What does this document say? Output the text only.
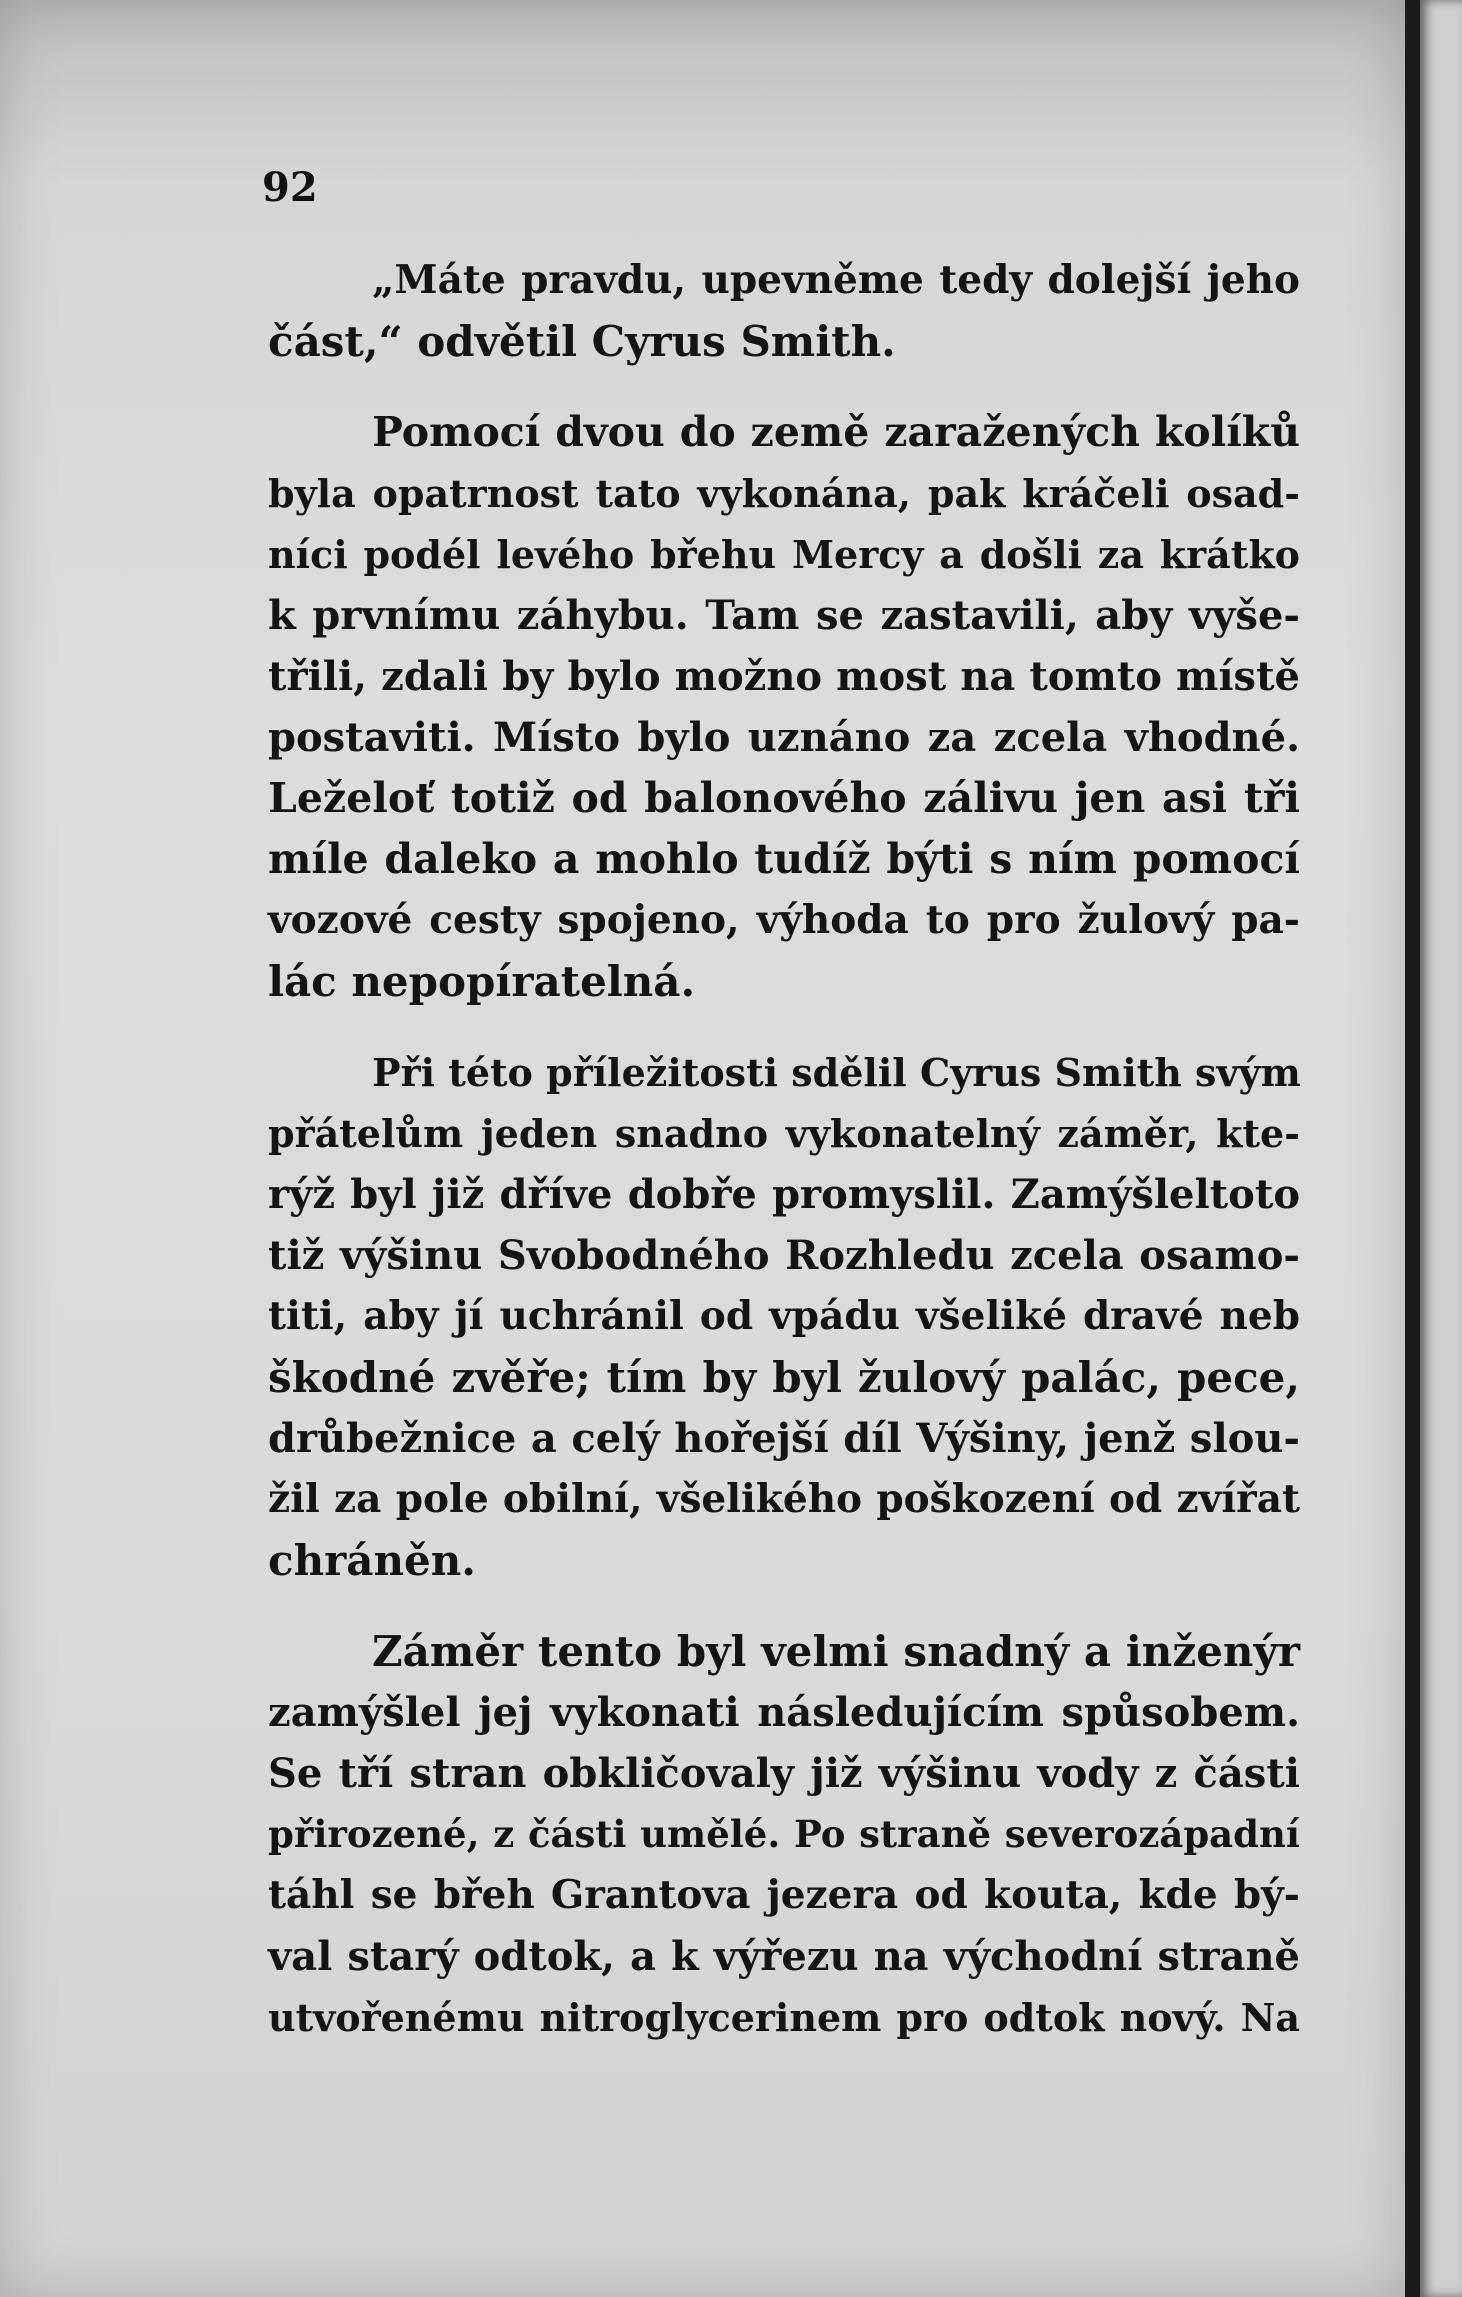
92
„Máte pravdu, upevněme tedy dolejší jeho
část,“ odvětil Cyrus Smith.
Pomocí dvou do země zaražených kolíků
byla opatrnost tato vykonána, pak kráčeli osad-
níci podél levého břehu Mercy a došli za krátko
k prvnímu záhybu. Tam se zastavili, aby vyše-
třili, zdali by bylo možno most na tomto místě
postaviti. Místo bylo uznáno za zcela vhodné.
Leželoť totiž od balonového zálivu jen asi tři
míle daleko a mohlo tudíž býti s ním pomocí
vozové cesty spojeno, výhoda to pro žulový pa-
lác nepopíratelná.
Při této příležitosti sdělil Cyrus Smith svým
přátelům jeden snadno vykonatelný záměr, kte-
rýž byl již dříve dobře promyslil. Zamýšleltoto
tiž výšinu Svobodného Rozhledu zcela osamo-
titi, aby jí uchránil od vpádu všeliké dravé neb
škodné zvěře; tím by byl žulový palác, pece,
drůbežnice a celý hořejší díl Výšiny, jenž slou-
žil za pole obilní, všelikého poškození od zvířat
chráněn.
Záměr tento byl velmi snadný a inženýr
zamýšlel jej vykonati následujícím spůsobem.
Se tří stran obkličovaly již výšinu vody z části
přirozené, z části umělé. Po straně severozápadní
táhl se břeh Grantova jezera od kouta, kde bý-
val starý odtok, a k výřezu na východní straně
utvořenému nitroglycerinem pro odtok nový. Na
